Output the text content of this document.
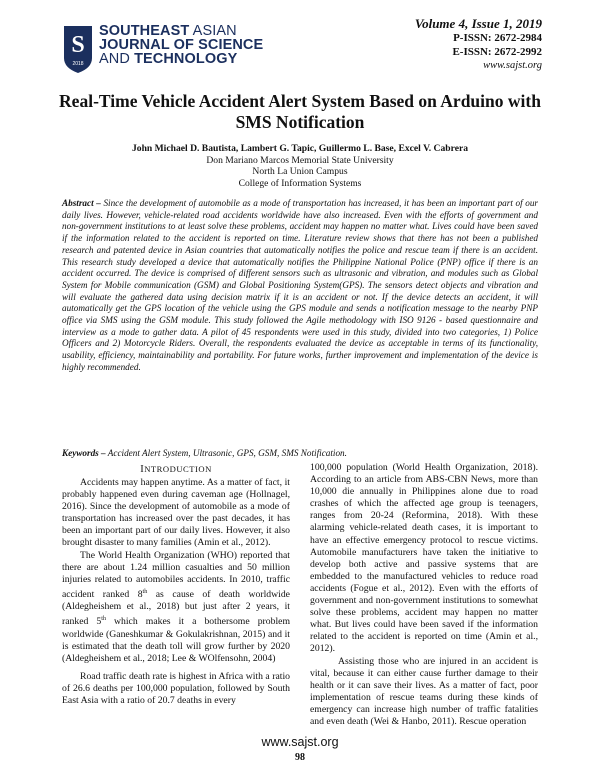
S
2018
SOUTHEAST ASIAN
JOURNAL OF SCIENCE
AND TECHNOLOGY
Volume 4, Issue 1, 2019
P-ISSN: 2672-2984
E-ISSN: 2672-2992
www.sajst.org
Real-Time Vehicle Accident Alert System Based on Arduino with SMS Notification
John Michael D. Bautista, Lambert G. Tapic, Guillermo L. Base, Excel V. Cabrera
Don Mariano Marcos Memorial State University
North La Union Campus
College of Information Systems
Abstract – Since the development of automobile as a mode of transportation has increased, it has been an important part of our daily lives. However, vehicle-related road accidents worldwide have also increased. Even with the efforts of government and non-government institutions to at least solve these problems, accident may happen no matter what. Lives could have been saved if the information related to the accident is reported on time. Literature review shows that there has not been a published research and patented device in Asian countries that automatically notifies the police and rescue team if there is an accident. This research study developed a device that automatically notifies the Philippine National Police (PNP) office if there is an accident occurred. The device is comprised of different sensors such as ultrasonic and vibration, and modules such as Global System for Mobile communication (GSM) and Global Positioning System(GPS). The sensors detect objects and vibration and will evaluate the gathered data using decision matrix if it is an accident or not. If the device detects an accident, it will automatically get the GPS location of the vehicle using the GPS module and sends a notification message to the nearby PNP office via SMS using the GSM module. This study followed the Agile methodology with ISO 9126 - based questionnaire and interview as a mode to gather data. A pilot of 45 respondents were used in this study, divided into two categories, 1) Police Officers and 2) Motorcycle Riders. Overall, the respondents evaluated the device as acceptable in terms of its functionality, usability, efficiency, maintainability and portability. For future works, further improvement and implementation of the device is highly recommended.
Keywords – Accident Alert System, Ultrasonic, GPS, GSM, SMS Notification.
INTRODUCTION

Accidents may happen anytime. As a matter of fact, it probably happened even during caveman age (Hollnagel, 2016). Since the development of automobile as a mode of transportation has increased over the past decades, it has been an important part of our daily lives. However, it also brought disaster to many families (Amin et al., 2012).

The World Health Organization (WHO) reported that there are about 1.24 million casualties and 50 million injuries related to automobiles accidents. In 2010, traffic accident ranked 8th as cause of death worldwide (Aldegheishem et al., 2018) but just after 2 years, it ranked 5th which makes it a bothersome problem worldwide (Ganeshkumar & Gokulakrishnan, 2015) and it is estimated that the death toll will grow further by 2020 (Aldegheishem et al., 2018; Lee & WOlfensohn, 2004)

Road traffic death rate is highest in Africa with a ratio of 26.6 deaths per 100,000 population, followed by South East Asia with a ratio of 20.7 deaths in every

100,000 population (World Health Organization, 2018). According to an article from ABS-CBN News, more than 10,000 die annually in Philippines alone due to road crashes of which the affected age group is teenagers, ranges from 20-24 (Reformina, 2018). With these alarming vehicle-related death cases, it is important to have an effective emergency protocol to rescue victims. Automobile manufacturers have taken the initiative to develop both active and passive systems that are embedded to the manufactured vehicles to reduce road accidents (Fogue et al., 2012). Even with the efforts of government and non-government institutions to somewhat solve these problems, accident may happen no matter what. But lives could have been saved if the information related to the accident is reported on time (Amin et al., 2012).

Assisting those who are injured in an accident is vital, because it can either cause further damage to their health or it can save their lives. As a matter of fact, poor implementation of rescue teams during these kinds of emergency can increase high number of traffic fatalities and even death (Wei & Hanbo, 2011). Rescue operation

www.sajst.org
98
